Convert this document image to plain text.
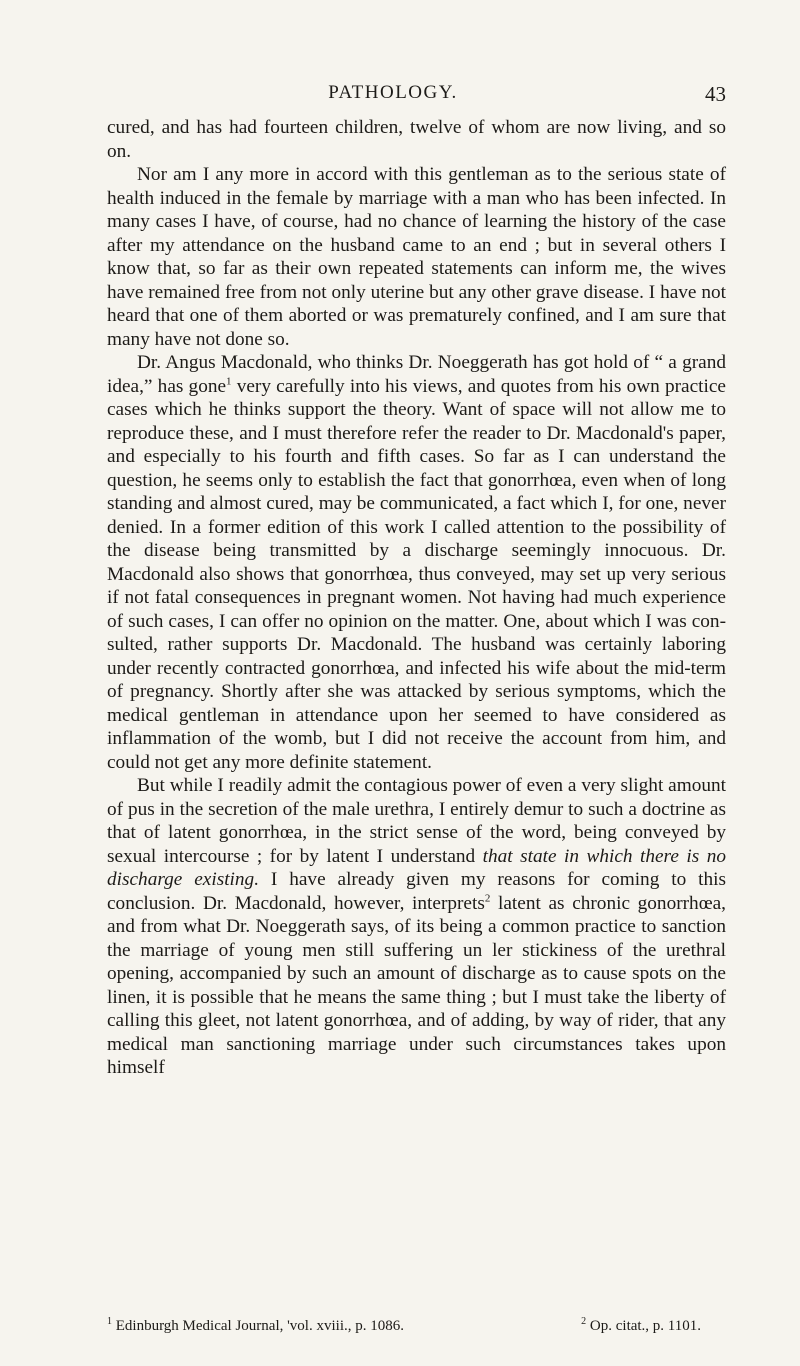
PATHOLOGY.	43

cured, and has had fourteen children, twelve of whom are now living, and so on.

Nor am I any more in accord with this gentleman as to the serious state of health induced in the female by marriage with a man who has been infected. In many cases I have, of course, had no chance of learning the history of the case after my attendance on the husband came to an end ; but in several others I know that, so far as their own repeated statements can inform me, the wives have remained free from not only uterine but any other grave disease. I have not heard that one of them aborted or was prematurely confined, and I am sure that many have not done so.

Dr. Angus Macdonald, who thinks Dr. Noeggerath has got hold of “ a grand idea,” has gone$^1$ very carefully into his views, and quotes from his own practice cases which he thinks support the theory. Want of space will not allow me to reproduce these, and I must therefore refer the reader to Dr. Macdonald's paper, and especially to his fourth and fifth cases. So far as I can understand the question, he seems only to establish the fact that gonorrhœa, even when of long standing and almost cured, may be communicated, a fact which I, for one, never denied. In a former edition of this work I called attention to the possibility of the disease being transmitted by a discharge seemingly innocuous. Dr. Macdonald also shows that gonorrhœa, thus conveyed, may set up very serious if not fatal consequences in pregnant women. Not having had much experience of such cases, I can offer no opinion on the matter. One, about which I was consulted, rather supports Dr. Macdonald. The husband was certainly laboring under recently contracted gonorrhœa, and infected his wife about the mid-term of pregnancy. Shortly after she was attacked by serious symptoms, which the medical gentleman in attendance upon her seemed to have considered as inflammation of the womb, but I did not receive the account from him, and could not get any more definite statement.

But while I readily admit the contagious power of even a very slight amount of pus in the secretion of the male urethra, I entirely demur to such a doctrine as that of latent gonorrhœa, in the strict sense of the word, being conveyed by sexual intercourse ; for by latent I understand that state in which there is no discharge existing. I have already given my reasons for coming to this conclusion. Dr. Macdonald, however, interprets$^2$ latent as chronic gonorrhœa, and from what Dr. Noeggerath says, of its being a common practice to sanction the marriage of young men still suffering un ler stickiness of the urethral opening, accompanied by such an amount of discharge as to cause spots on the linen, it is possible that he means the same thing ; but I must take the liberty of calling this gleet, not latent gonorrhœa, and of adding, by way of rider, that any medical man sanctioning marriage under such circumstances takes upon himself

$^1$ Edinburgh Medical Journal, 'vol. xviii., p. 1086.	$^2$ Op. citat., p. 1101.
